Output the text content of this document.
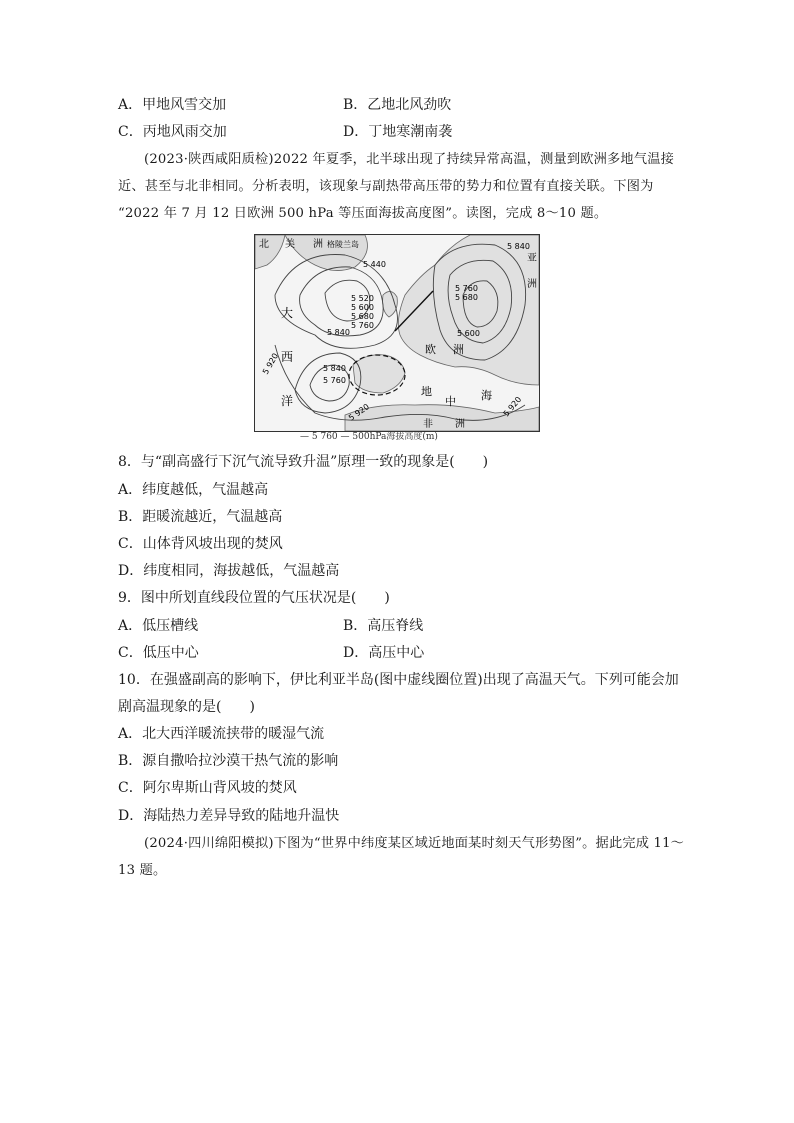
A．甲地风雪交加	B．乙地北风劲吹
C．丙地风雨交加	D．丁地寒潮南袭
(2023·陕西咸阳质检)2022 年夏季，北半球出现了持续异常高温，测量到欧洲多地气温接
近、甚至与北非相同。分析表明，该现象与副热带高压带的势力和位置有直接关联。下图为
“2022 年 7 月 12 日欧洲 500 hPa 等压面海拔高度图”。读图，完成 8～10 题。
北 美 洲 格陵兰岛
大
西
洋
欧 洲
亚
洲
地
中 海
非 洲
5 440
5 520
5 600
5 680
5 760
5 840
5 760
5 680
5 600
5 840
5 760
5 920
5 920	5 920
5 840
— 5 760 — 500hPa海拔高度(m)
8．与“副高盛行下沉气流导致升温”原理一致的现象是(　　)
A．纬度越低，气温越高
B．距暖流越近，气温越高
C．山体背风坡出现的焚风
D．纬度相同，海拔越低，气温越高
9．图中所划直线段位置的气压状况是(　　)
A．低压槽线	B．高压脊线
C．低压中心	D．高压中心
10．在强盛副高的影响下，伊比利亚半岛(图中虚线圈位置)出现了高温天气。下列可能会加
剧高温现象的是(　　)
A．北大西洋暖流挟带的暖湿气流
B．源自撒哈拉沙漠干热气流的影响
C．阿尔卑斯山背风坡的焚风
D．海陆热力差异导致的陆地升温快
(2024·四川绵阳模拟)下图为“世界中纬度某区域近地面某时刻天气形势图”。据此完成 11～
13 题。
